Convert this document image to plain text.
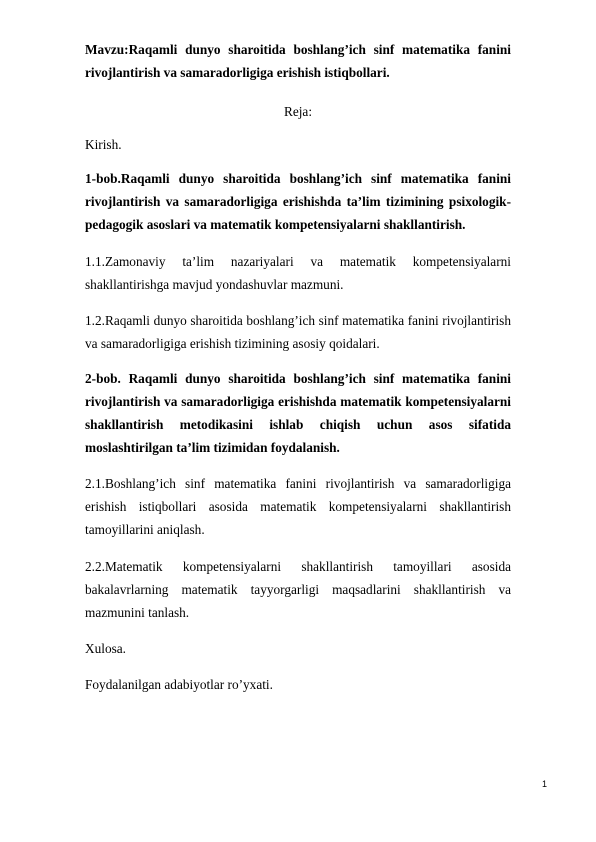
Mavzu:Raqamli dunyo sharoitida boshlang’ich sinf matematika fanini rivojlantirish va samaradorligiga erishish istiqbollari.
Reja:
Kirish.
1-bob.Raqamli dunyo sharoitida boshlang’ich sinf matematika fanini rivojlantirish va samaradorligiga erishishda ta’lim tizimining psixologik-pedagogik asoslari va matematik kompetensiyalarni shakllantirish.
1.1.Zamonaviy ta’lim nazariyalari va matematik kompetensiyalarni shakllantirishga mavjud yondashuvlar mazmuni.
1.2.Raqamli dunyo sharoitida boshlang’ich sinf matematika fanini rivojlantirish va samaradorligiga erishish tizimining asosiy qoidalari.
2-bob. Raqamli dunyo sharoitida boshlang’ich sinf matematika fanini rivojlantirish va samaradorligiga erishishda matematik kompetensiyalarni shakllantirish metodikasini ishlab chiqish uchun asos sifatida moslashtirilgan ta’lim tizimidan foydalanish.
2.1.Boshlang’ich sinf matematika fanini rivojlantirish va samaradorligiga erishish istiqbollari asosida matematik kompetensiyalarni shakllantirish tamoyillarini aniqlash.
2.2.Matematik kompetensiyalarni shakllantirish tamoyillari asosida bakalavrlarning matematik tayyorgarligi maqsadlarini shakllantirish va mazmunini tanlash.
Xulosa.
Foydalanilgan adabiyotlar ro’yxati.
1
